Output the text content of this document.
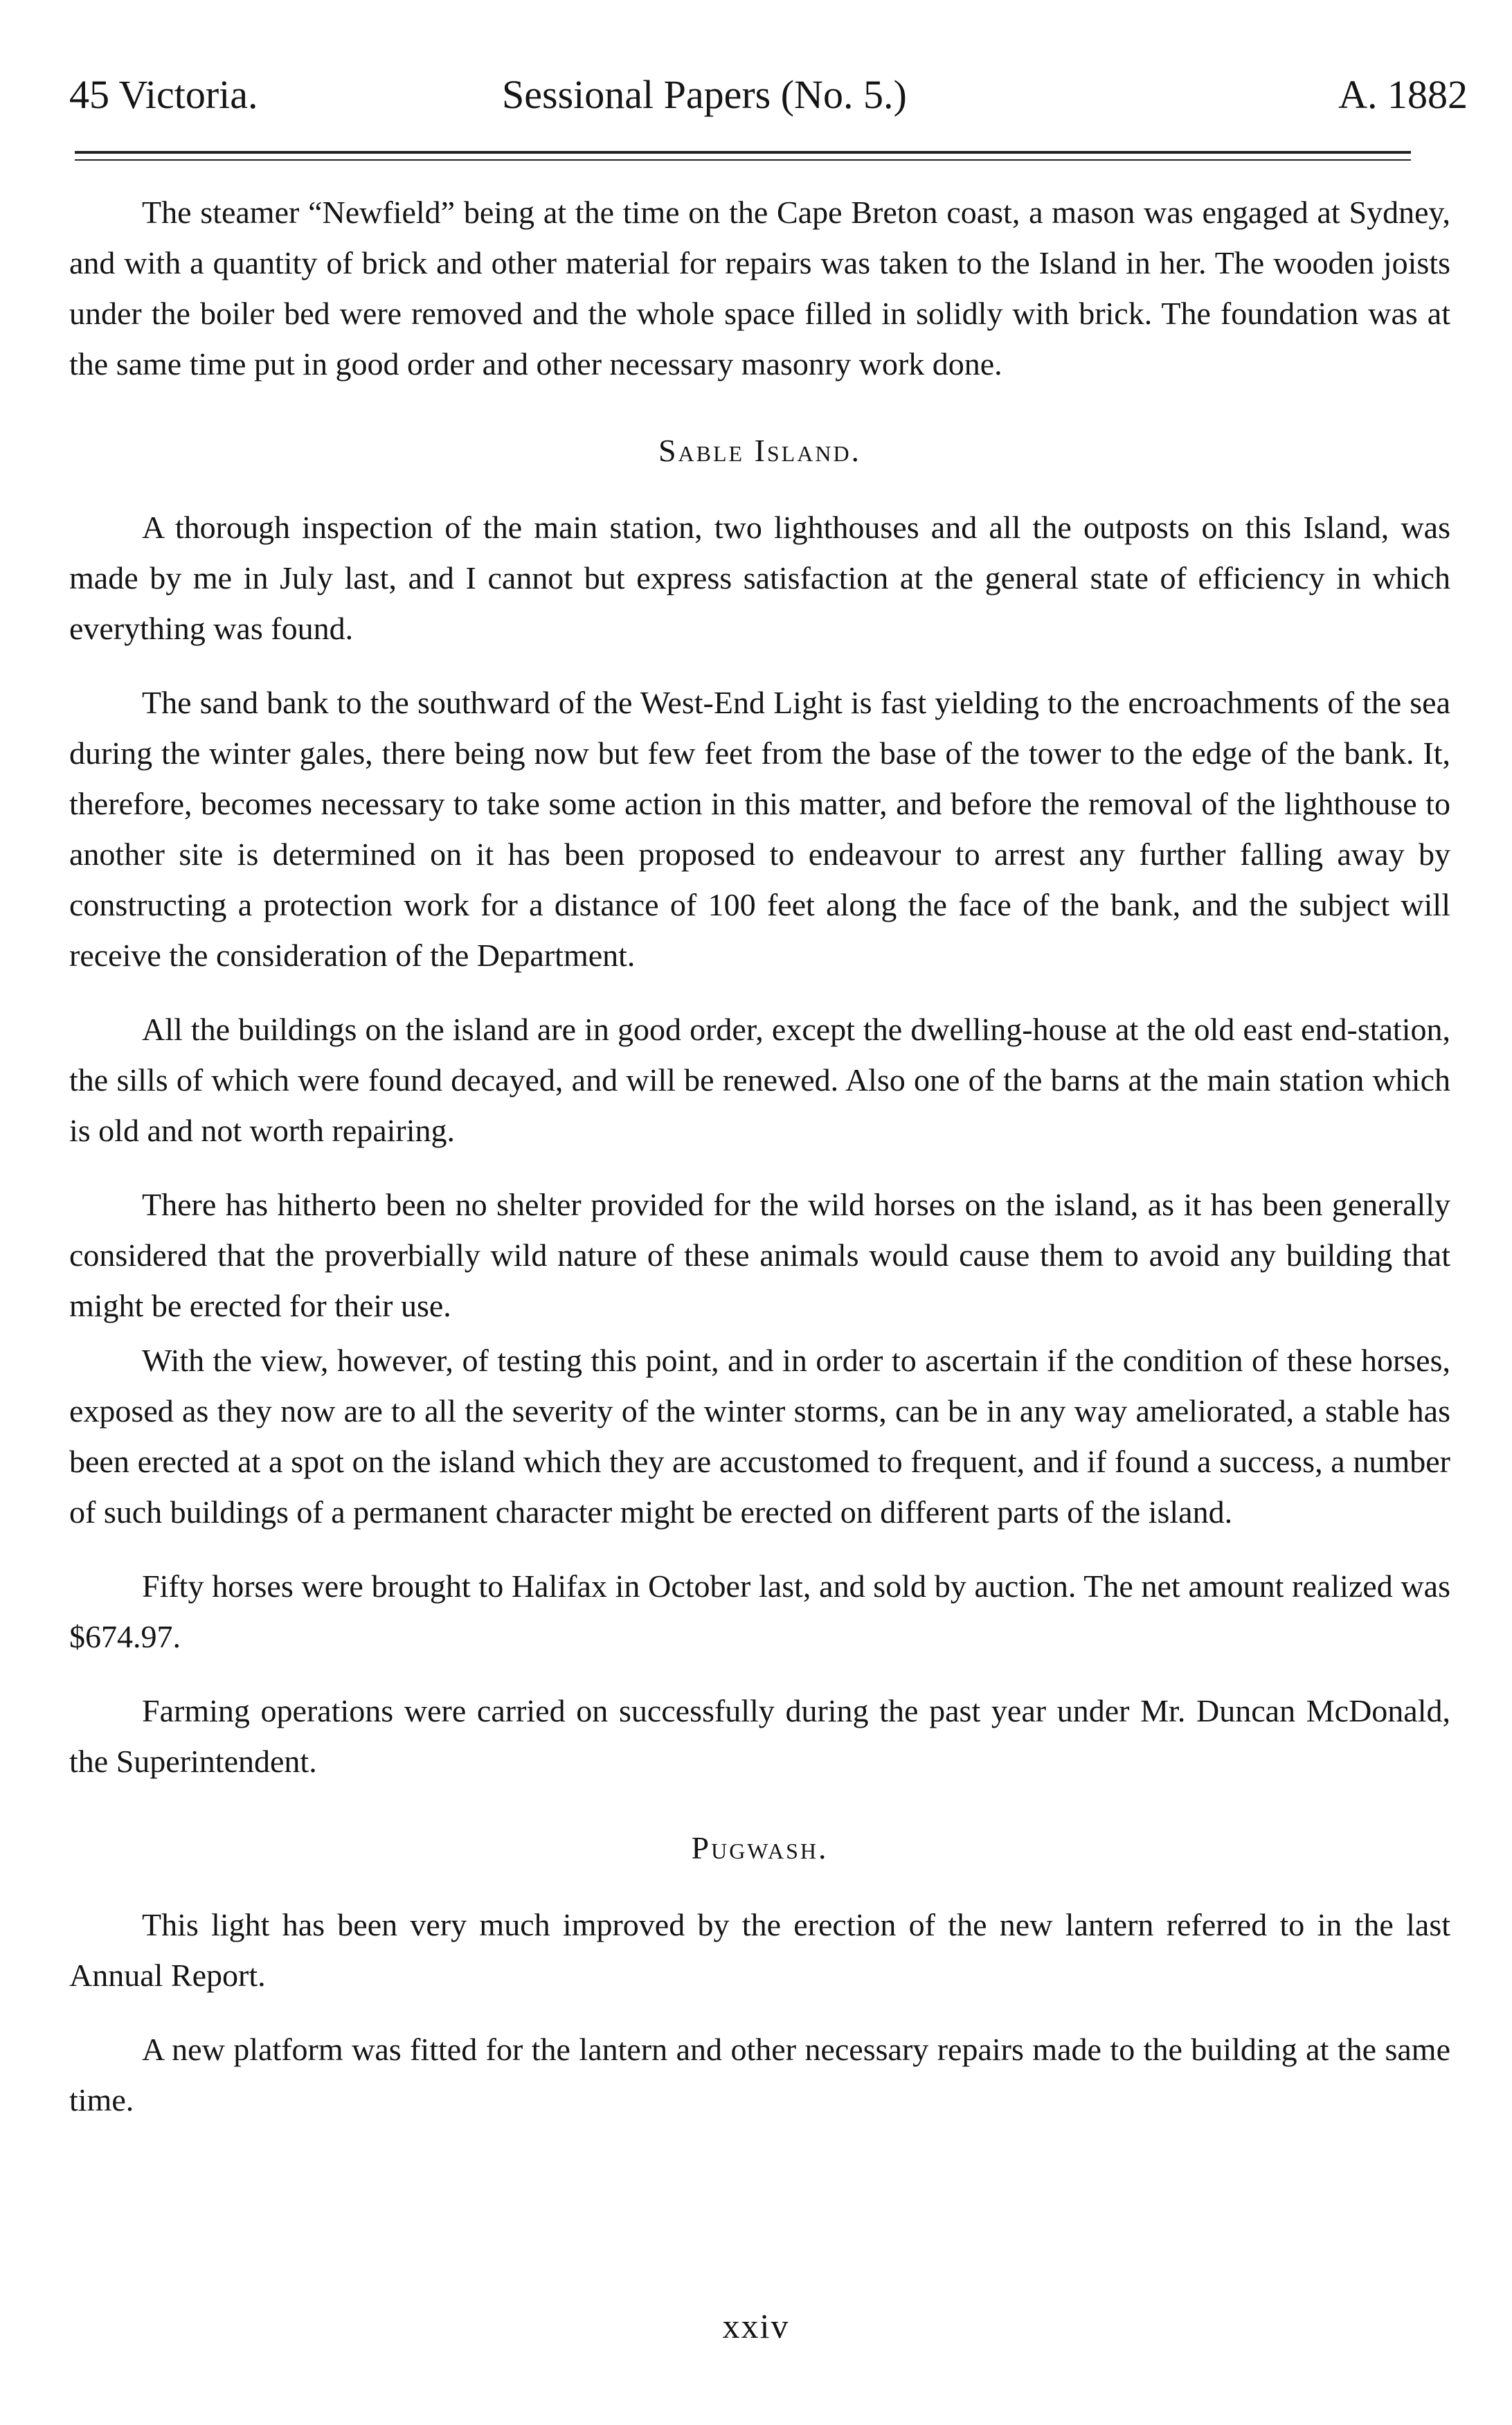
45 Victoria.	Sessional Papers (No. 5.)	A. 1882

The steamer “Newfield” being at the time on the Cape Breton coast, a mason was engaged at Sydney, and with a quantity of brick and other material for repairs was taken to the Island in her. The wooden joists under the boiler bed were removed and the whole space filled in solidly with brick. The foundation was at the same time put in good order and other necessary masonry work done.

Sable Island.

A thorough inspection of the main station, two lighthouses and all the outposts on this Island, was made by me in July last, and I cannot but express satisfaction at the general state of efficiency in which everything was found.

The sand bank to the southward of the West-End Light is fast yielding to the encroachments of the sea during the winter gales, there being now but few feet from the base of the tower to the edge of the bank. It, therefore, becomes necessary to take some action in this matter, and before the removal of the lighthouse to another site is determined on it has been proposed to endeavour to arrest any further falling away by constructing a protection work for a distance of 100 feet along the face of the bank, and the subject will receive the consideration of the Department.

All the buildings on the island are in good order, except the dwelling-house at the old east end-station, the sills of which were found decayed, and will be renewed. Also one of the barns at the main station which is old and not worth repairing.

There has hitherto been no shelter provided for the wild horses on the island, as it has been generally considered that the proverbially wild nature of these animals would cause them to avoid any building that might be erected for their use.

With the view, however, of testing this point, and in order to ascertain if the condition of these horses, exposed as they now are to all the severity of the winter storms, can be in any way ameliorated, a stable has been erected at a spot on the island which they are accustomed to frequent, and if found a success, a number of such buildings of a permanent character might be erected on different parts of the island.

Fifty horses were brought to Halifax in October last, and sold by auction. The net amount realized was $674.97.

Farming operations were carried on successfully during the past year under Mr. Duncan McDonald, the Superintendent.

Pugwash.

This light has been very much improved by the erection of the new lantern referred to in the last Annual Report.

A new platform was fitted for the lantern and other necessary repairs made to the building at the same time.

xxiv
